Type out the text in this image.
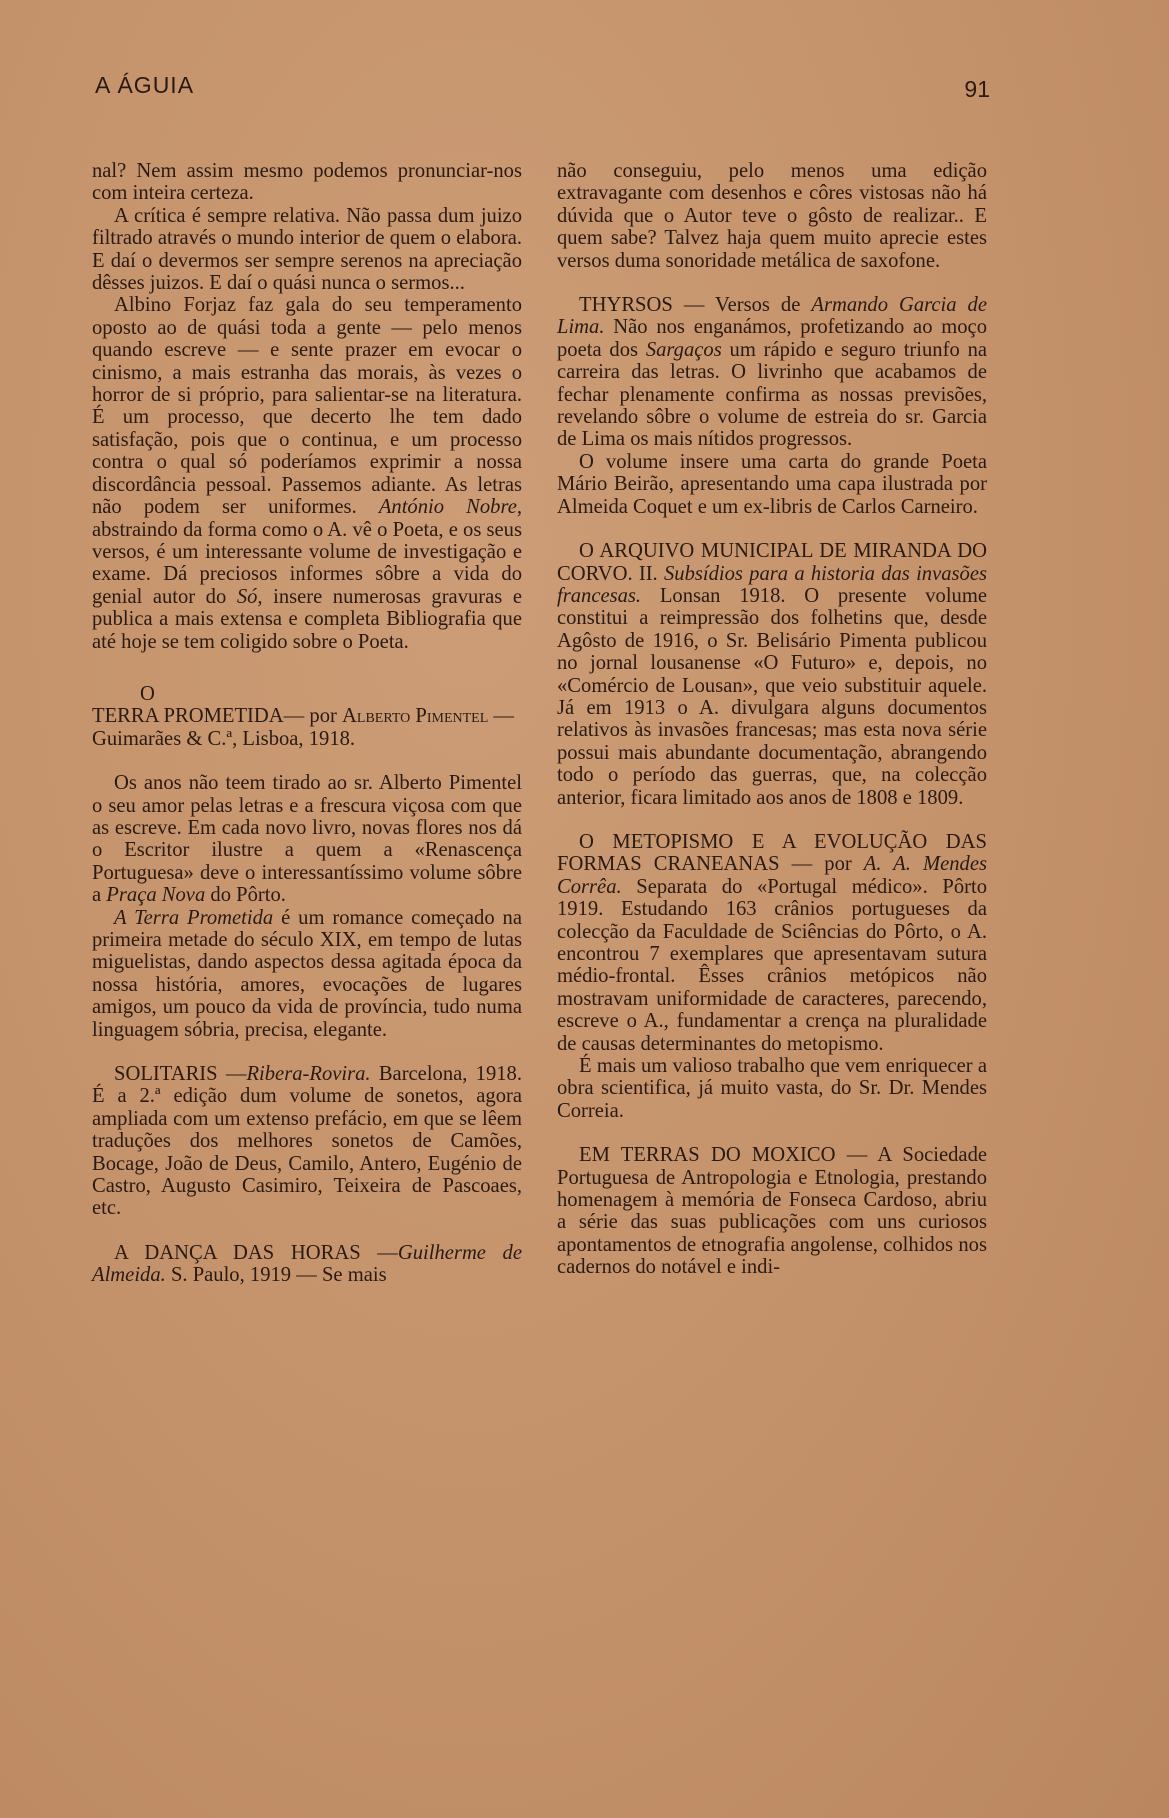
A ÁGUIA	91

nal? Nem assim mesmo podemos pronunciar-nos com inteira certeza.

A crítica é sempre relativa. Não passa dum juizo filtrado através o mundo interior de quem o elabora. E daí o devermos ser sempre serenos na apreciação dêsses juizos. E daí o quási nunca o sermos...

Albino Forjaz faz gala do seu temperamento oposto ao de quási toda a gente — pelo menos quando escreve — e sente prazer em evocar o cinismo, a mais estranha das morais, às vezes o horror de si próprio, para salientar-se na literatura. É um processo, que decerto lhe tem dado satisfação, pois que o continua, e um processo contra o qual só poderíamos exprimir a nossa discordância pessoal. Passemos adiante. As letras não podem ser uniformes. António Nobre, abstraindo da forma como o A. vê o Poeta, e os seus versos, é um interessante volume de investigação e exame. Dá preciosos informes sôbre a vida do genial autor do Só, insere numerosas gravuras e publica a mais extensa e completa Bibliografia que até hoje se tem coligido sobre o Poeta.

O

TERRA PROMETIDA— por Alberto Pimentel — Guimarães & C.ª, Lisboa, 1918.

Os anos não teem tirado ao sr. Alberto Pimentel o seu amor pelas letras e a frescura viçosa com que as escreve. Em cada novo livro, novas flores nos dá o Escritor ilustre a quem a «Renascença Portuguesa» deve o interessantíssimo volume sôbre a Praça Nova do Pôrto.

A Terra Prometida é um romance começado na primeira metade do século XIX, em tempo de lutas miguelistas, dando aspectos dessa agitada época da nossa história, amores, evocações de lugares amigos, um pouco da vida de província, tudo numa linguagem sóbria, precisa, elegante.

SOLITARIS —Ribera-Rovira. Barcelona, 1918. É a 2.ª edição dum volume de sonetos, agora ampliada com um extenso prefácio, em que se lêem traduções dos melhores sonetos de Camões, Bocage, João de Deus, Camilo, Antero, Eugénio de Castro, Augusto Casimiro, Teixeira de Pascoaes, etc.

A DANÇA DAS HORAS —Guilherme de Almeida. S. Paulo, 1919 — Se mais

não conseguiu, pelo menos uma edição extravagante com desenhos e côres vistosas não há dúvida que o Autor teve o gôsto de realizar.. E quem sabe? Talvez haja quem muito aprecie estes versos duma sonoridade metálica de saxofone.

THYRSOS — Versos de Armando Garcia de Lima. Não nos enganámos, profetizando ao moço poeta dos Sargaços um rápido e seguro triunfo na carreira das letras. O livrinho que acabamos de fechar plenamente confirma as nossas previsões, revelando sôbre o volume de estreia do sr. Garcia de Lima os mais nítidos progressos.

O volume insere uma carta do grande Poeta Mário Beirão, apresentando uma capa ilustrada por Almeida Coquet e um ex-libris de Carlos Carneiro.

O ARQUIVO MUNICIPAL DE MIRANDA DO CORVO. II. Subsídios para a historia das invasões francesas. Lonsan 1918. O presente volume constitui a reimpressão dos folhetins que, desde Agôsto de 1916, o Sr. Belisário Pimenta publicou no jornal lousanense «O Futuro» e, depois, no «Comércio de Lousan», que veio substituir aquele. Já em 1913 o A. divulgara alguns documentos relativos às invasões francesas; mas esta nova série possui mais abundante documentação, abrangendo todo o período das guerras, que, na colecção anterior, ficara limitado aos anos de 1808 e 1809.

O METOPISMO E A EVOLUÇÃO DAS FORMAS CRANEANAS — por A. A. Mendes Corrêa. Separata do «Portugal médico». Pôrto 1919. Estudando 163 crânios portugueses da colecção da Faculdade de Sciências do Pôrto, o A. encontrou 7 exemplares que apresentavam sutura médio-frontal. Êsses crânios metópicos não mostravam uniformidade de caracteres, parecendo, escreve o A., fundamentar a crença na pluralidade de causas determinantes do metopismo.

É mais um valioso trabalho que vem enriquecer a obra scientifica, já muito vasta, do Sr. Dr. Mendes Correia.

EM TERRAS DO MOXICO — A Sociedade Portuguesa de Antropologia e Etnologia, prestando homenagem à memória de Fonseca Cardoso, abriu a série das suas publicações com uns curiosos apontamentos de etnografia angolense, colhidos nos cadernos do notável e indi-
